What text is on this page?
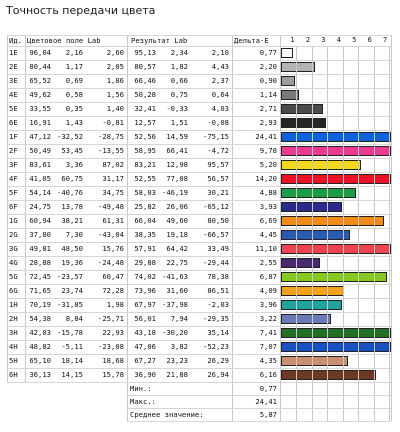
Точность передачи цвета
Ид. Цветовое поле Lab	Результат Lab	Дельта-E	1 2 3 4 5 6 7
1E	96,04	2,16	2,60	95,13	2,34	2,10	0,77
2E	80,44	1,17	2,05	80,57	1,82	4,43	2,20
3E	65,52	0,69	1,86	66,46	0,66	2,37	0,90
4E	49,62	0,58	1,56	50,28	0,75	0,64	1,14
5E	33,55	0,35	1,40	32,41	-0,33	4,03	2,71
6E	16,91	1,43	-0,81	12,57	1,51	-0,08	2,93
1F	47,12 -32,52	-28,75	52,56	14,59	-75,15	24,41
2F	50,49	53,45	-13,55	58,95	66,41	-4,72	9,78
3F	83,61	3,36	87,02	83,21	12,98	95,57	5,20
4F	41,05	60,75	31,17	52,55	77,08	56,57	14,20
5F	54,14 -40,76	34,75	58,03 -46,19	30,21	4,88
6F	24,75	13,78	-49,48	25,82	26,06	-65,12	3,93
1G	60,94	38,21	61,31	66,04	49,60	80,50	6,69
2G	37,80	7,30	-43,04	38,35	19,18	-66,57	4,45
3G	49,81	48,50	15,76	57,91	64,42	33,49	11,10
4G	28,88	19,36	-24,48	29,88	22,75	-29,44	2,55
5G	72,45 -23,57	60,47	74,02 -41,63	78,38	6,87
6G	71,65	23,74	72,28	73,96	31,60	86,51	4,09
1H	70,19 -31,85	1,98	67,97 -37,98	-2,03	3,96
2H	54,38	8,84	-25,71	56,01	7,94	-29,35	3,22
3H	42,03 -15,78	22,93	43,18 -30,20	35,14	7,41
4H	48,82	-5,11	-23,08	47,06	3,82	-52,23	7,07
5H	65,10	18,14	18,68	67,27	23,23	26,29	4,35
6H	36,13	14,15	15,78	36,90	21,88	26,94	6,16
Мин.:	0,77
Макс.:	24,41
Среднее значение:	5,87
